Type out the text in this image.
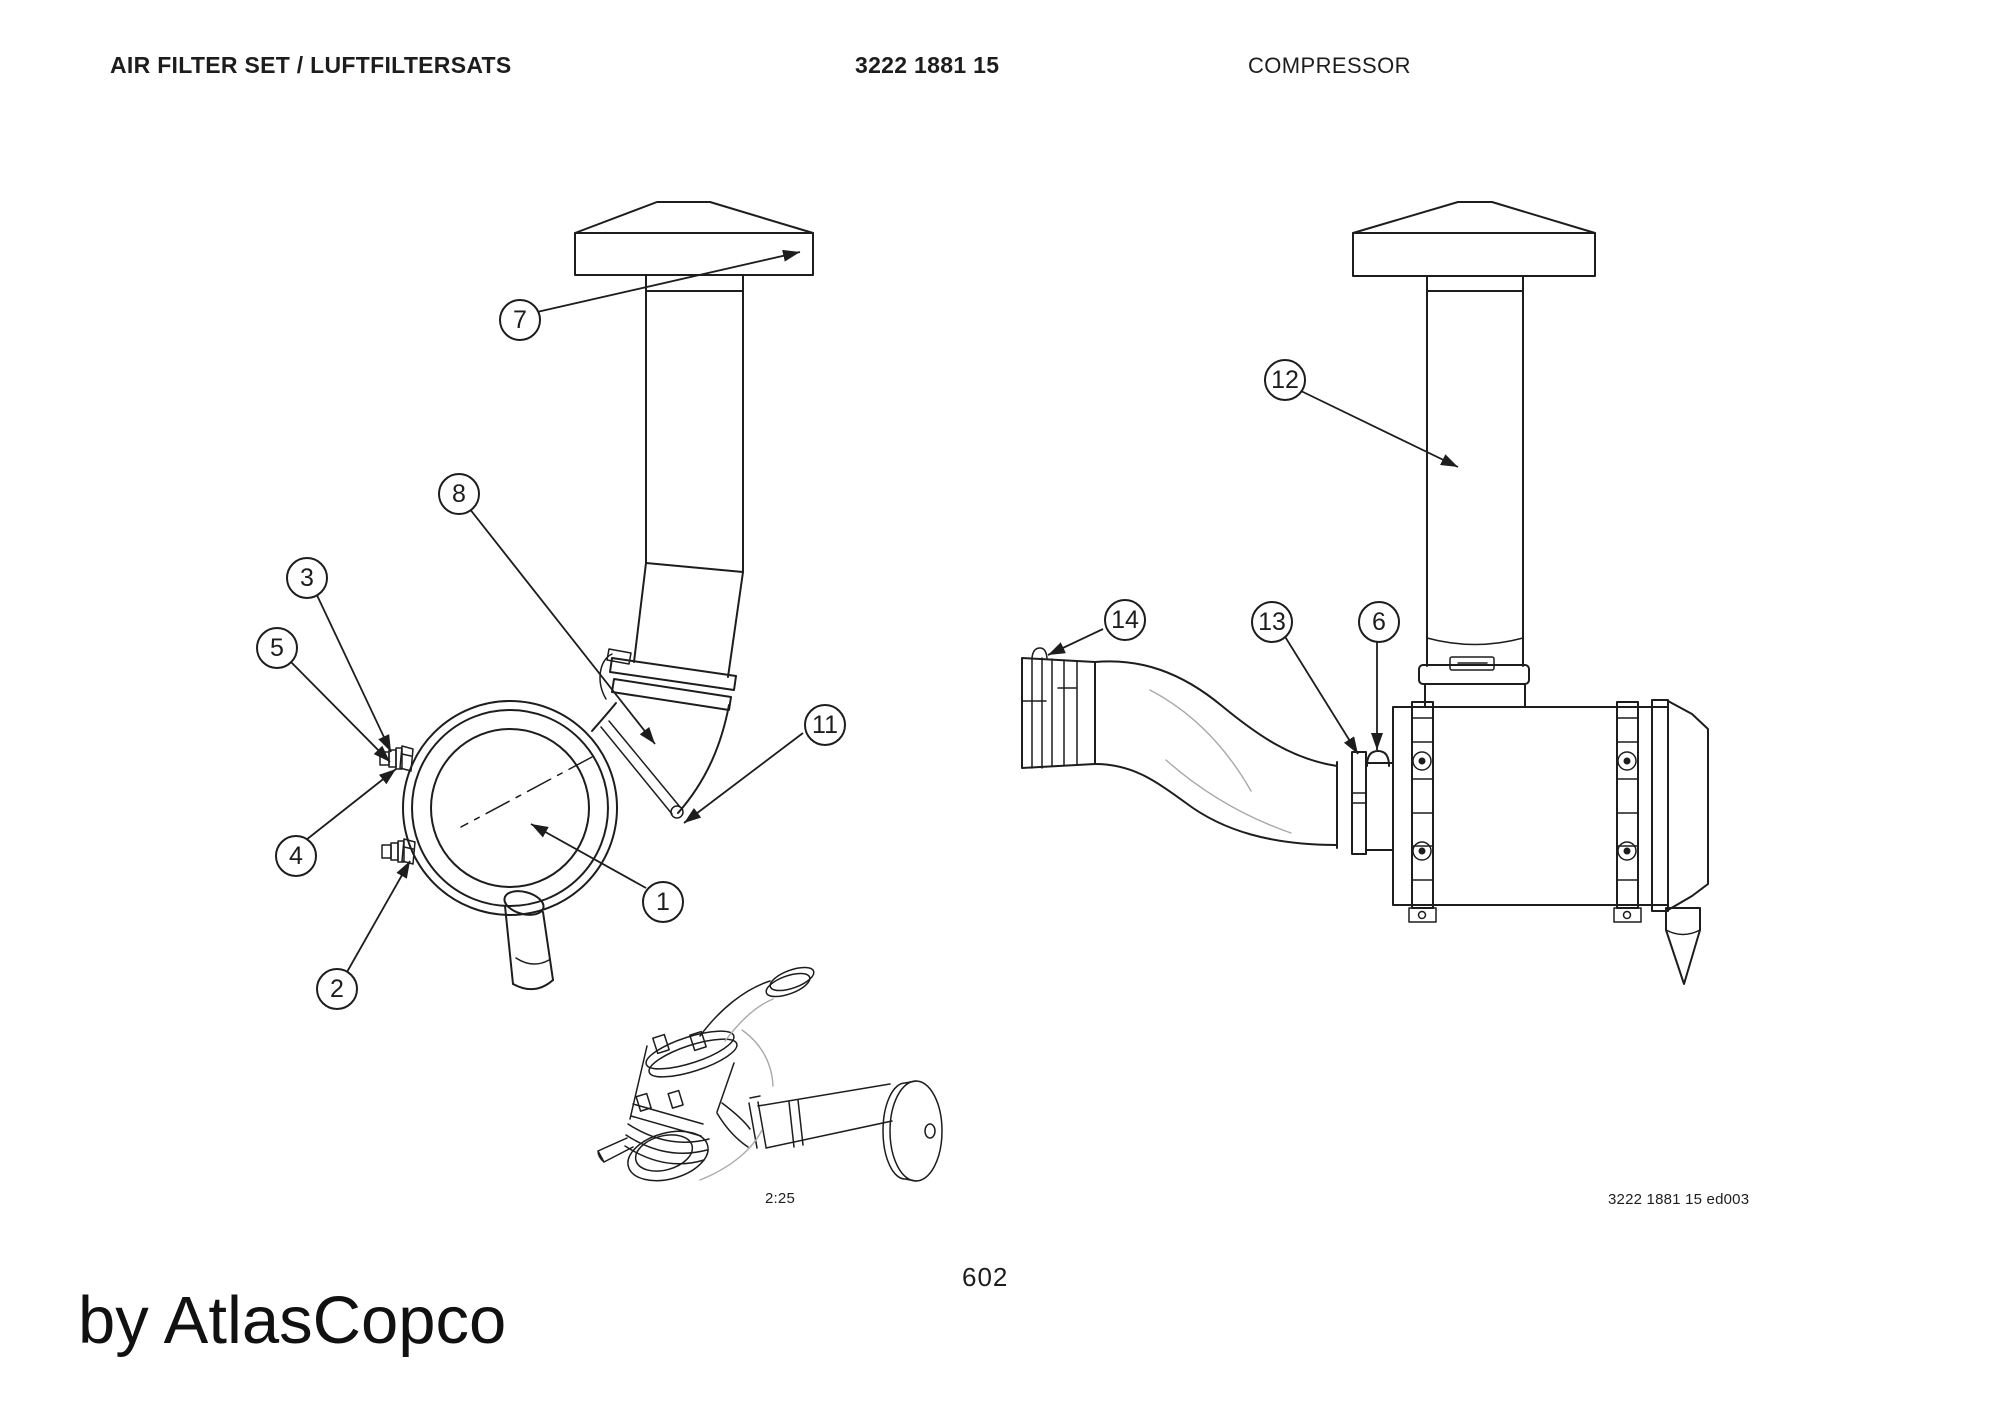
AIR FILTER SET / LUFTFILTERSATS	3222 1881 15	COMPRESSOR
7
8
3
5
4
2
1
11
12
14	13	6
2:25	3222 1881 15 ed003
602
by AtlasCopco
